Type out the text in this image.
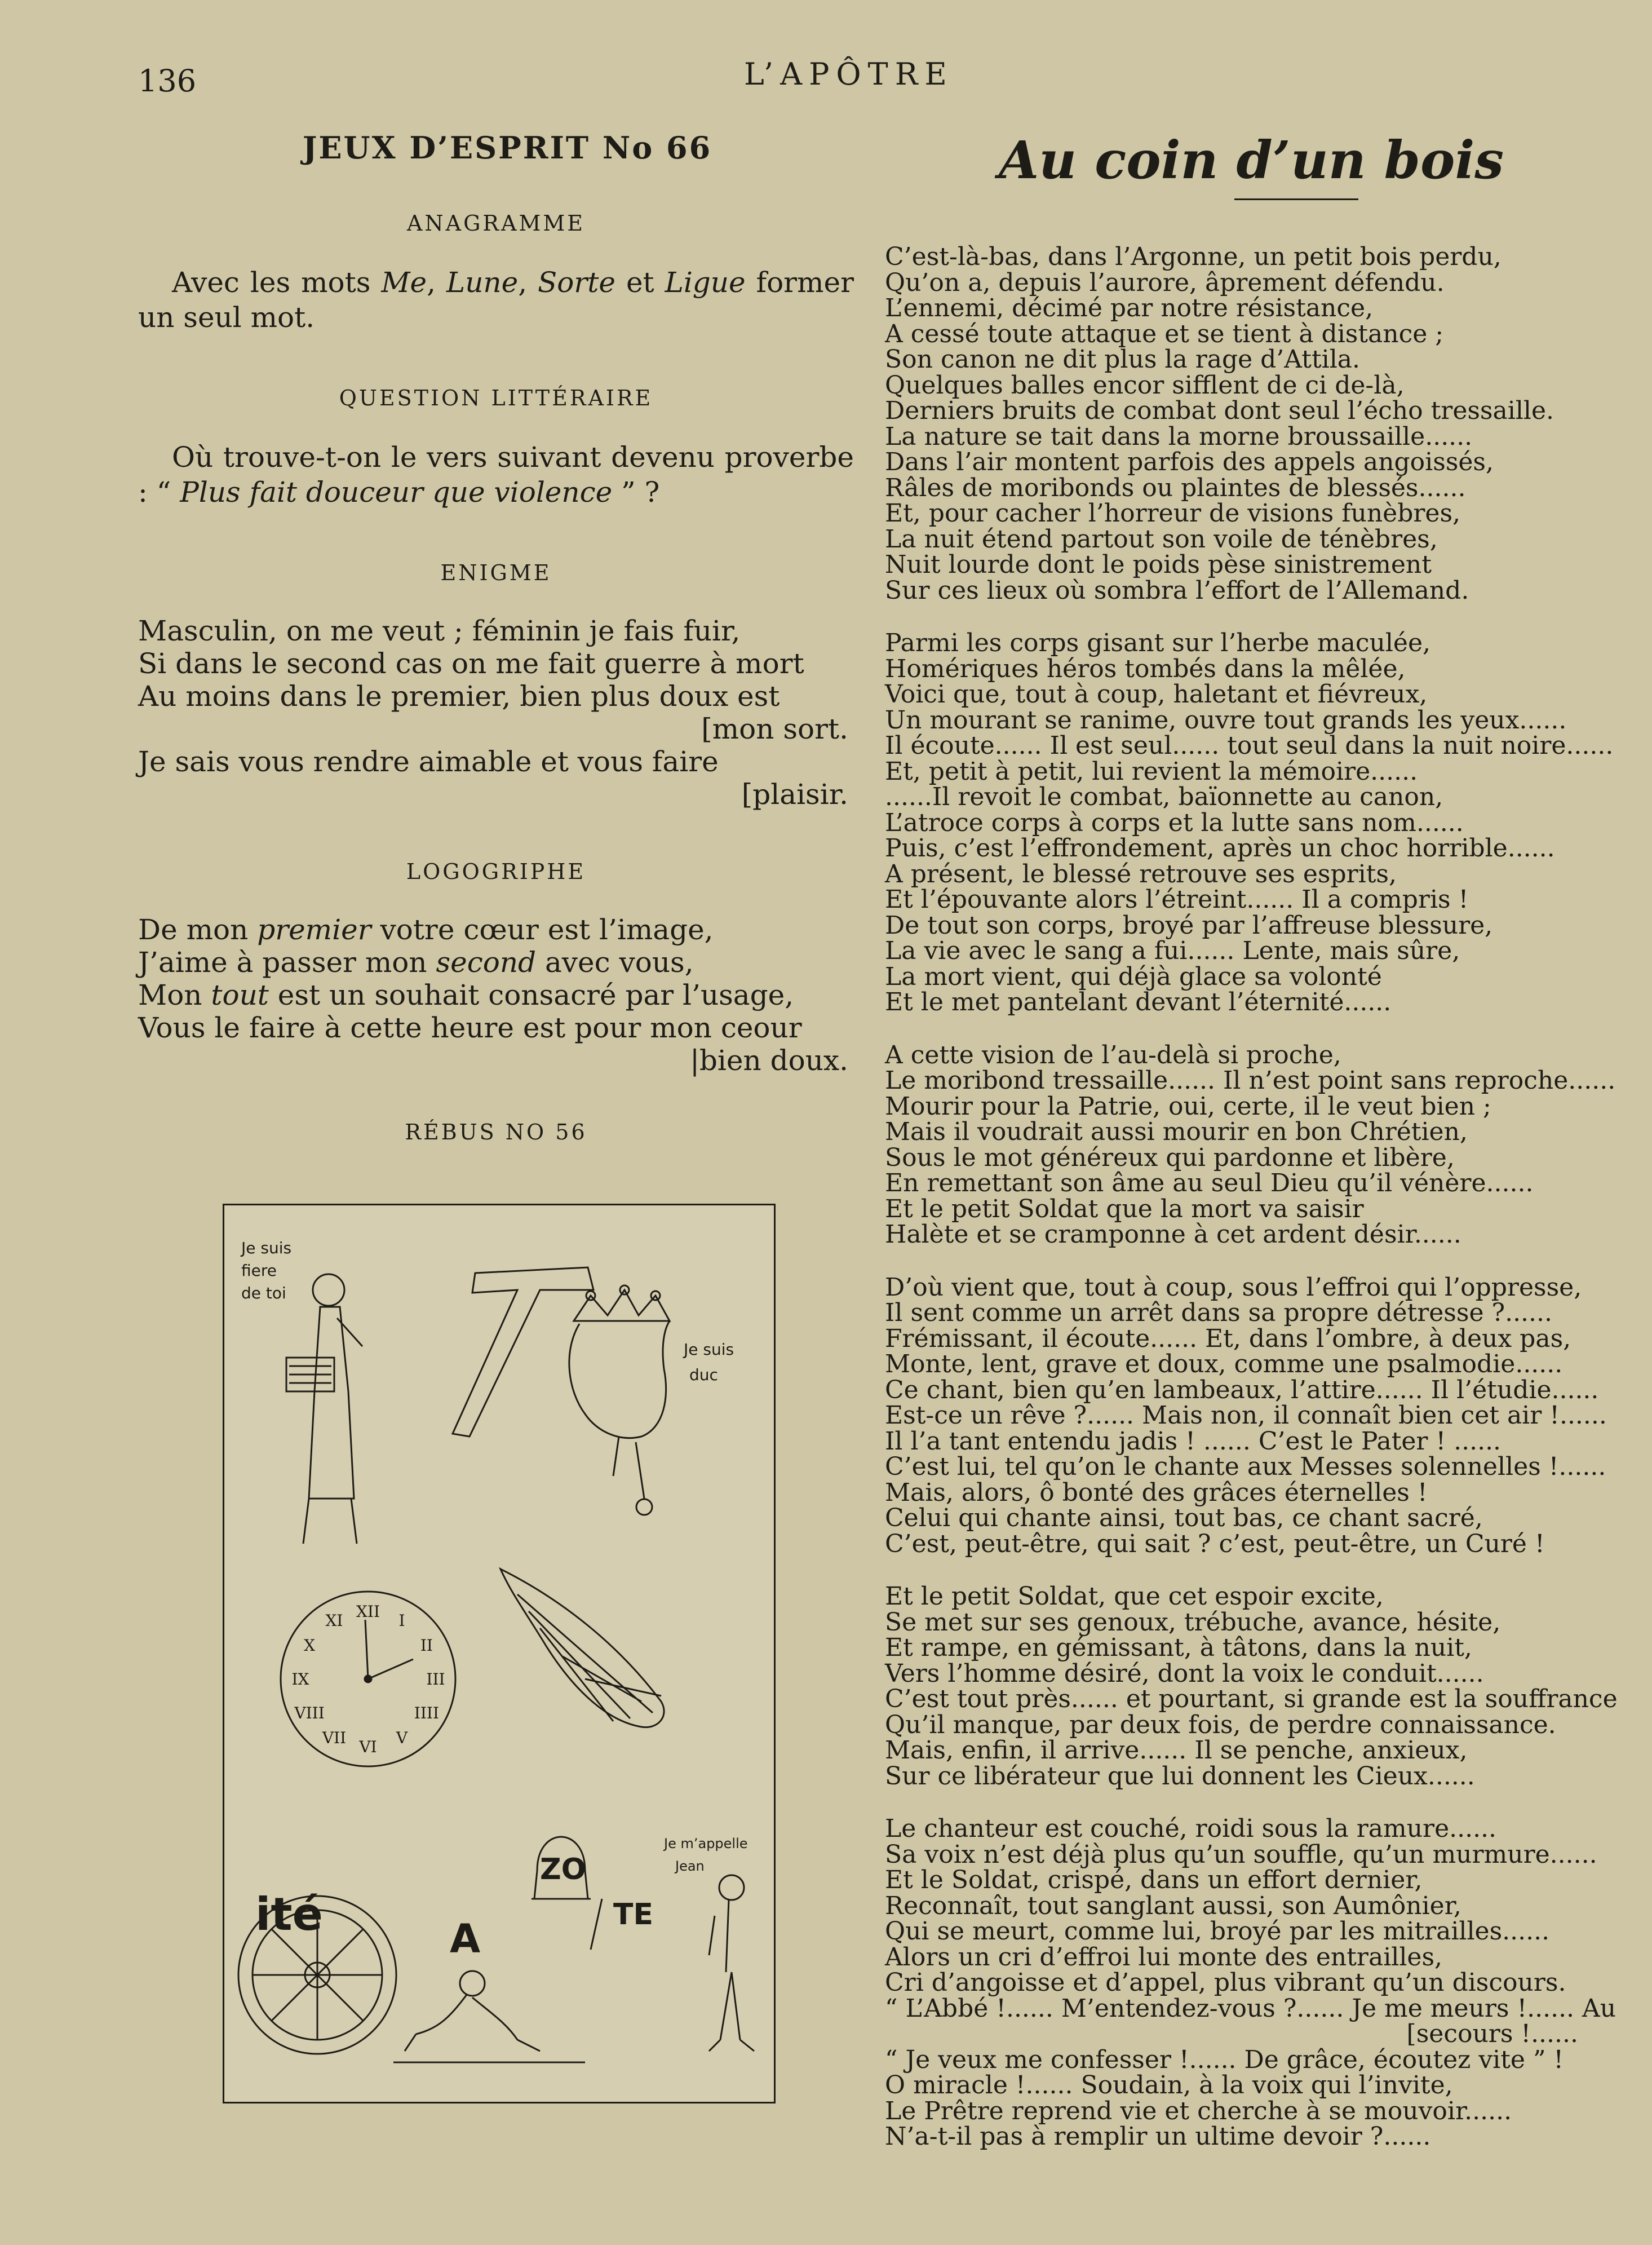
136	L’APÔTRE
JEUX D’ESPRIT No 66
ANAGRAMME

Avec les mots Me, Lune, Sorte et Ligue former un seul mot.

QUESTION LITTÉRAIRE

Où trouve-t-on le vers suivant devenu proverbe : “ Plus fait douceur que violence ” ?

ENIGME
Masculin, on me veut ; féminin je fais fuir,
Si dans le second cas on me fait guerre à mort
Au moins dans le premier, bien plus doux est
[mon sort.
Je sais vous rendre aimable et vous faire
[plaisir.
LOGOGRIPHE
De mon premier votre cœur est l’image,
J’aime à passer mon second avec vous,
Mon tout est un souhait consacré par l’usage,
Vous le faire à cette heure est pour mon ceour
|bien doux.
RÉBUS NO 56
Je suis
fiere
de toi
Je suis
duc
XII I
II
III
IIII
V
VI
VII
VIII
IX
X
XI
ZO
ité	A
TE
Je m’appelle
Jean
Au coin d’un bois
C’est-là-bas, dans l’Argonne, un petit bois perdu,
Qu’on a, depuis l’aurore, âprement défendu.
L’ennemi, décimé par notre résistance,
A cessé toute attaque et se tient à distance ;
Son canon ne dit plus la rage d’Attila.
Quelques balles encor sifflent de ci de-là,
Derniers bruits de combat dont seul l’écho tressaille.
La nature se tait dans la morne broussaille......
Dans l’air montent parfois des appels angoissés,
Râles de moribonds ou plaintes de blessés......
Et, pour cacher l’horreur de visions funèbres,
La nuit étend partout son voile de ténèbres,
Nuit lourde dont le poids pèse sinistrement
Sur ces lieux où sombra l’effort de l’Allemand.
Parmi les corps gisant sur l’herbe maculée,
Homériques héros tombés dans la mêlée,
Voici que, tout à coup, haletant et fiévreux,
Un mourant se ranime, ouvre tout grands les yeux......
Il écoute...... Il est seul...... tout seul dans la nuit noire......
Et, petit à petit, lui revient la mémoire......
......Il revoit le combat, baïonnette au canon,
L’atroce corps à corps et la lutte sans nom......
Puis, c’est l’effrondement, après un choc horrible......
A présent, le blessé retrouve ses esprits,
Et l’épouvante alors l’étreint...... Il a compris !
De tout son corps, broyé par l’affreuse blessure,
La vie avec le sang a fui...... Lente, mais sûre,
La mort vient, qui déjà glace sa volonté
Et le met pantelant devant l’éternité......
A cette vision de l’au-delà si proche,
Le moribond tressaille...... Il n’est point sans reproche......
Mourir pour la Patrie, oui, certe, il le veut bien ;
Mais il voudrait aussi mourir en bon Chrétien,
Sous le mot généreux qui pardonne et libère,
En remettant son âme au seul Dieu qu’il vénère......
Et le petit Soldat que la mort va saisir
Halète et se cramponne à cet ardent désir......
D’où vient que, tout à coup, sous l’effroi qui l’oppresse,
Il sent comme un arrêt dans sa propre détresse ?......
Frémissant, il écoute...... Et, dans l’ombre, à deux pas,
Monte, lent, grave et doux, comme une psalmodie......
Ce chant, bien qu’en lambeaux, l’attire...... Il l’étudie......
Est-ce un rêve ?...... Mais non, il connaît bien cet air !......
Il l’a tant entendu jadis ! ...... C’est le Pater ! ......
C’est lui, tel qu’on le chante aux Messes solennelles !......
Mais, alors, ô bonté des grâces éternelles !
Celui qui chante ainsi, tout bas, ce chant sacré,
C’est, peut-être, qui sait ? c’est, peut-être, un Curé !
Et le petit Soldat, que cet espoir excite,
Se met sur ses genoux, trébuche, avance, hésite,
Et rampe, en gémissant, à tâtons, dans la nuit,
Vers l’homme désiré, dont la voix le conduit......
C’est tout près...... et pourtant, si grande est la souffrance
Qu’il manque, par deux fois, de perdre connaissance.
Mais, enfin, il arrive...... Il se penche, anxieux,
Sur ce libérateur que lui donnent les Cieux......
Le chanteur est couché, roidi sous la ramure......
Sa voix n’est déjà plus qu’un souffle, qu’un murmure......
Et le Soldat, crispé, dans un effort dernier,
Reconnaît, tout sanglant aussi, son Aumônier,
Qui se meurt, comme lui, broyé par les mitrailles......
Alors un cri d’effroi lui monte des entrailles,
Cri d’angoisse et d’appel, plus vibrant qu’un discours.
“ L’Abbé !...... M’entendez-vous ?...... Je me meurs !...... Au
[secours !......
“ Je veux me confesser !...... De grâce, écoutez vite ” !
O miracle !...... Soudain, à la voix qui l’invite,
Le Prêtre reprend vie et cherche à se mouvoir......
N’a-t-il pas à remplir un ultime devoir ?......
